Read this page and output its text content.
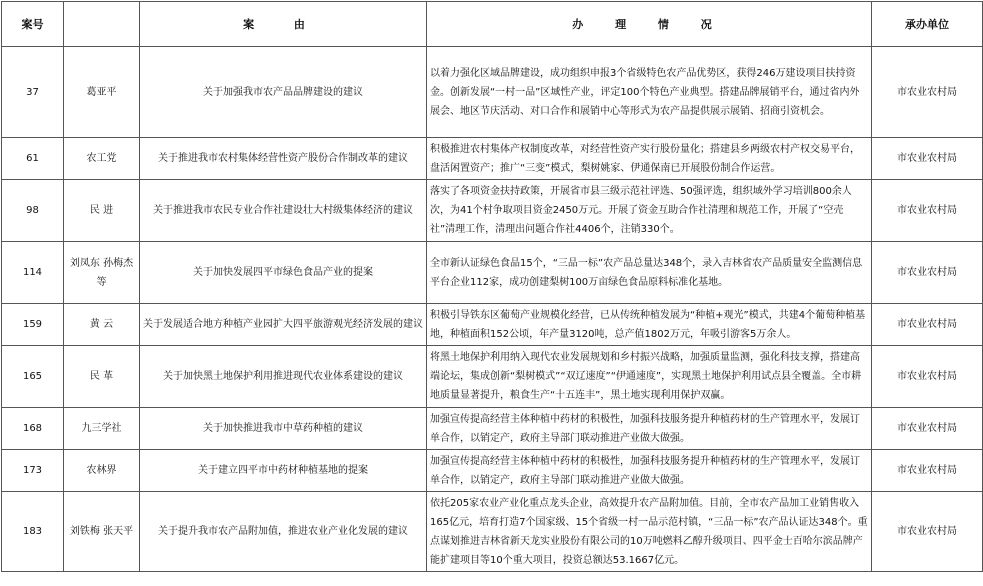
案号		案 由	办 理 情 况	承办单位
37	葛亚平	关于加强我市农产品品牌建设的建议	以着力强化区域品牌建设，成功组织申报3个省级特色农产品优势区，获得246万建设项目扶持资金。创新发展“一村一品”区域性产业，评定100个特色产业典型。搭建品牌展销平台，通过省内外展会、地区节庆活动、对口合作和展销中心等形式为农产品提供展示展销、招商引资机会。	市农业农村局
61	农工党	关于推进我市农村集体经营性资产股份合作制改革的建议	积极推进农村集体产权制度改革，对经营性资产实行股份量化；搭建县乡两级农村产权交易平台，盘活闲置资产；推广“三变”模式，梨树姚家、伊通保南已开展股份制合作运营。	市农业农村局
98	民 进	关于推进我市农民专业合作社建设壮大村级集体经济的建议	落实了各项资金扶持政策，开展省市县三级示范社评选、50强评选，组织域外学习培训800余人次，为41个村争取项目资金2450万元。开展了资金互助合作社清理和规范工作，开展了“空壳社”清理工作，清理出问题合作社4406个，注销330个。	市农业农村局
114	刘凤东 孙梅杰 等	关于加快发展四平市绿色食品产业的提案	全市新认证绿色食品15个，“三品一标”农产品总量达348个，录入吉林省农产品质量安全监测信息平台企业112家，成功创建梨树100万亩绿色食品原料标准化基地。	市农业农村局
159	黄 云	关于发展适合地方种植产业园扩大四平旅游观光经济发展的建议	积极引导铁东区葡萄产业规模化经营，已从传统种植发展为“种植+观光”模式，共建4个葡萄种植基地，种植面积152公顷，年产量3120吨，总产值1802万元，年吸引游客5万余人。	市农业农村局
165	民 革	关于加快黑土地保护利用推进现代农业体系建设的建议	将黑土地保护利用纳入现代农业发展规划和乡村振兴战略，加强质量监测，强化科技支撑，搭建高端论坛，集成创新“梨树模式”“双辽速度”“伊通速度”，实现黑土地保护利用试点县全覆盖。全市耕地质量显著提升，粮食生产“十五连丰”，黑土地实现利用保护双赢。	市农业农村局
168	九三学社	关于加快推进我市中草药种植的建议	加强宣传提高经营主体种植中药材的积极性，加强科技服务提升种植药材的生产管理水平，发展订单合作，以销定产，政府主导部门联动推进产业做大做强。	市农业农村局
173	农林界	关于建立四平市中药材种植基地的提案	加强宣传提高经营主体种植中药材的积极性，加强科技服务提升种植药材的生产管理水平，发展订单合作，以销定产，政府主导部门联动推进产业做大做强。	市农业农村局
183	刘铁梅 张天平	关于提升我市农产品附加值，推进农业产业化发展的建议	依托205家农业产业化重点龙头企业，高效提升农产品附加值。目前，全市农产品加工业销售收入165亿元，培育打造7个国家级、15个省级一村一品示范村镇，“三品一标”农产品认证达348个。重点谋划推进吉林省新天龙实业股份有限公司的10万吨燃料乙醇升级项目、四平金士百哈尔滨品牌产能扩建项目等10个重大项目，投资总额达53.1667亿元。	市农业农村局
